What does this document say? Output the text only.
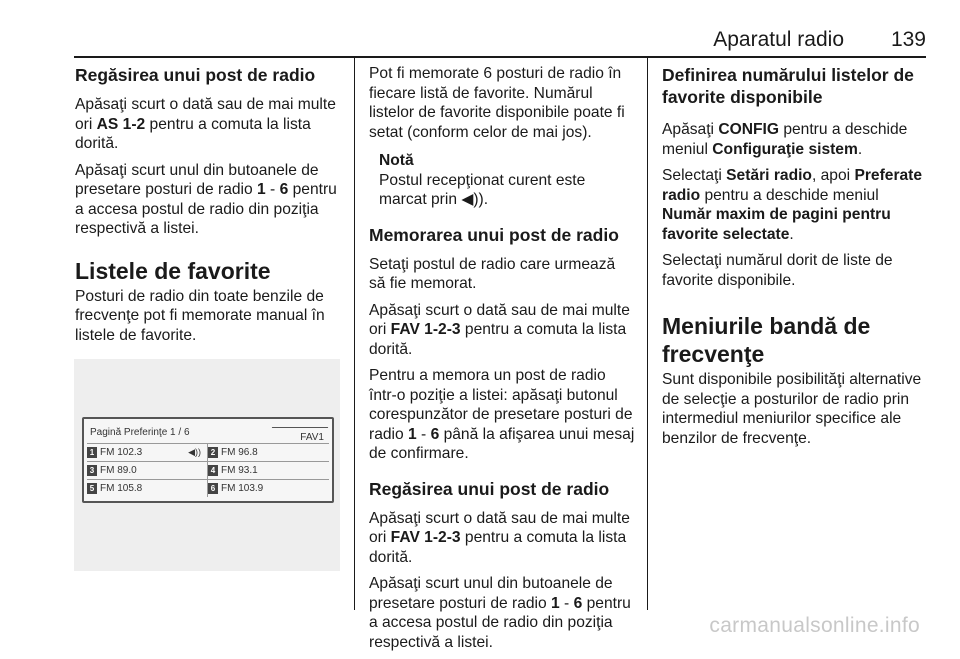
Aparatul radio 139
Regăsirea unui post de radio

Apăsaţi scurt o dată sau de mai multe ori AS 1-2 pentru a comuta la lista dorită.

Apăsaţi scurt unul din butoanele de presetare posturi de radio 1 - 6 pentru a accesa postul de radio din poziţia respectivă a listei.

Listele de favorite

Posturi de radio din toate benzile de frecvenţe pot fi memorate manual în listele de favorite.

Pagină Preferinţe 1 / 6	FAV1
1 FM 102.3	◀))	2 FM 96.8
3 FM 89.0	4 FM 93.1
5 FM 105.8	6 FM 103.9

Pot fi memorate 6 posturi de radio în fiecare listă de favorite. Numărul listelor de favorite disponibile poate fi setat (conform celor de mai jos).

Notă
Postul recepţionat curent este marcat prin ◀)).
Memorarea unui post de radio

Setaţi postul de radio care urmează să fie memorat.

Apăsaţi scurt o dată sau de mai multe ori FAV 1-2-3 pentru a comuta la lista dorită.

Pentru a memora un post de radio într-o poziţie a listei: apăsaţi butonul corespunzător de presetare posturi de radio 1 - 6 până la afişarea unui mesaj de confirmare.

Regăsirea unui post de radio

Apăsaţi scurt o dată sau de mai multe ori FAV 1-2-3 pentru a comuta la lista dorită.

Apăsaţi scurt unul din butoanele de presetare posturi de radio 1 - 6 pentru a accesa postul de radio din poziţia respectivă a listei.

Definirea numărului listelor de favorite disponibile

Apăsaţi CONFIG pentru a deschide meniul Configuraţie sistem.

Selectaţi Setări radio, apoi Preferate radio pentru a deschide meniul Număr maxim de pagini pentru favorite selectate.

Selectaţi numărul dorit de liste de favorite disponibile.

Meniurile bandă de frecvenţe

Sunt disponibile posibilităţi alternative de selecţie a posturilor de radio prin intermediul meniurilor specifice ale benzilor de frecvenţe.

carmanualsonline.info
